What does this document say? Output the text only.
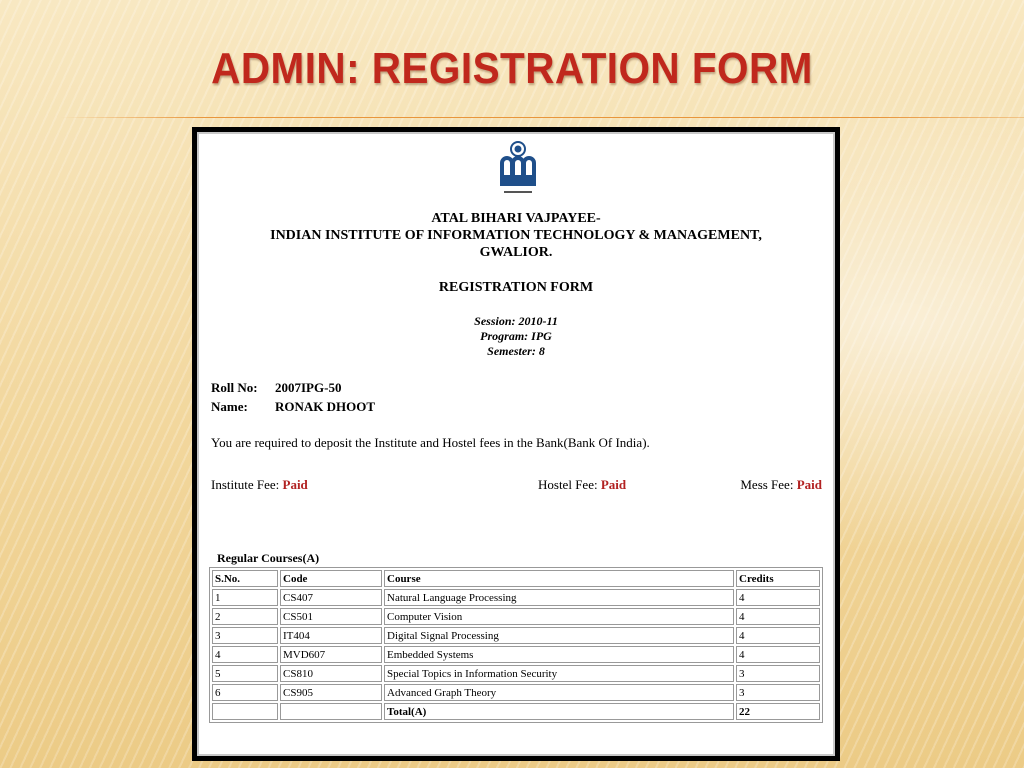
ADMIN: REGISTRATION FORM
ATAL BIHARI VAJPAYEE-
INDIAN INSTITUTE OF INFORMATION TECHNOLOGY & MANAGEMENT,
GWALIOR.
REGISTRATION FORM
Session: 2010-11
Program: IPG
Semester: 8
Roll No: 2007IPG-50
Name: RONAK DHOOT
You are required to deposit the Institute and Hostel fees in the Bank(Bank Of India).
Institute Fee: Paid	Hostel Fee: Paid	Mess Fee: Paid
Regular Courses(A)
S.No.	Code	Course	Credits
1	CS407	Natural Language Processing	4
2	CS501	Computer Vision	4
3	IT404	Digital Signal Processing	4
4	MVD607	Embedded Systems	4
5	CS810	Special Topics in Information Security	3
6	CS905	Advanced Graph Theory	3
		Total(A)	22
